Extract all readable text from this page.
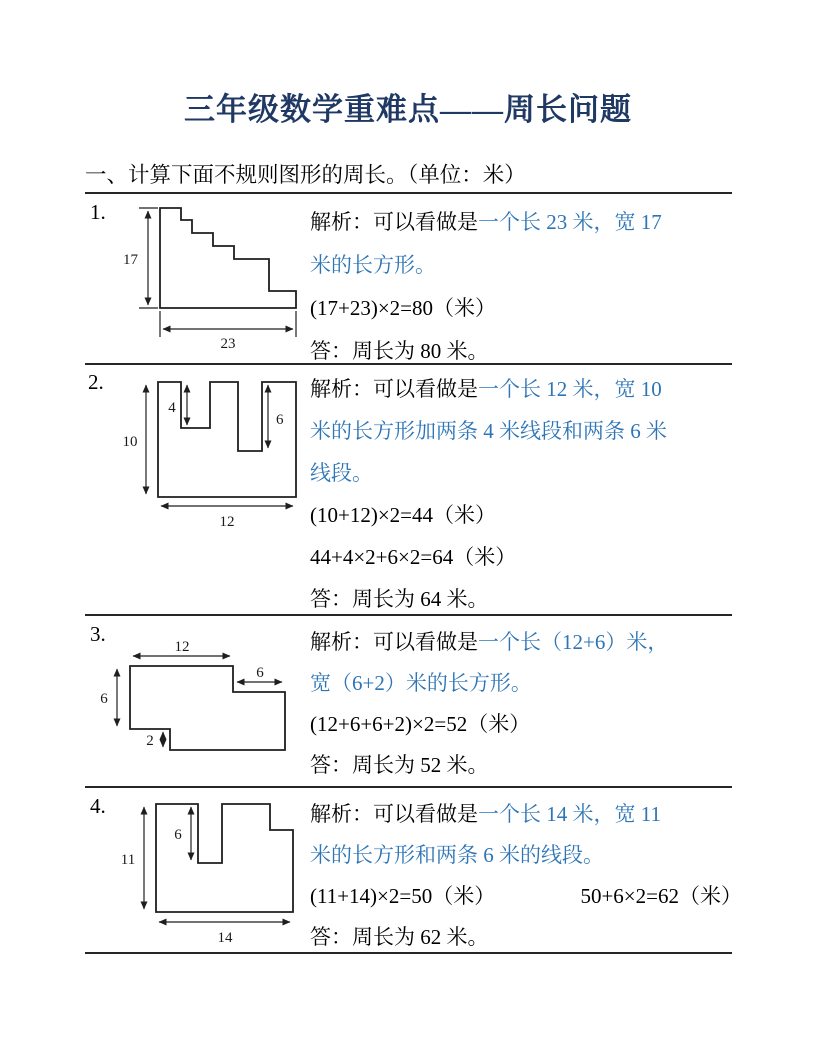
三年级数学重难点——周长问题
一、计算下面不规则图形的周长。（单位：米）
1.
17
23
解析：可以看做是一个长 23 米，宽 17
米的长方形。
(17+23)×2=80（米）
答：周长为 80 米。
2.
10
4
6
12
解析：可以看做是一个长 12 米，宽 10
米的长方形加两条 4 米线段和两条 6 米
线段。
(10+12)×2=44（米）
44+4×2+6×2=64（米）
答：周长为 64 米。
3.
12
6
6
2
解析：可以看做是一个长（12+6）米，
宽（6+2）米的长方形。
(12+6+6+2)×2=52（米）
答：周长为 52 米。
4.
6
11
14
解析：可以看做是一个长 14 米，宽 11
米的长方形和两条 6 米的线段。
(11+14)×2=50（米）	50+6×2=62（米）
答：周长为 62 米。
